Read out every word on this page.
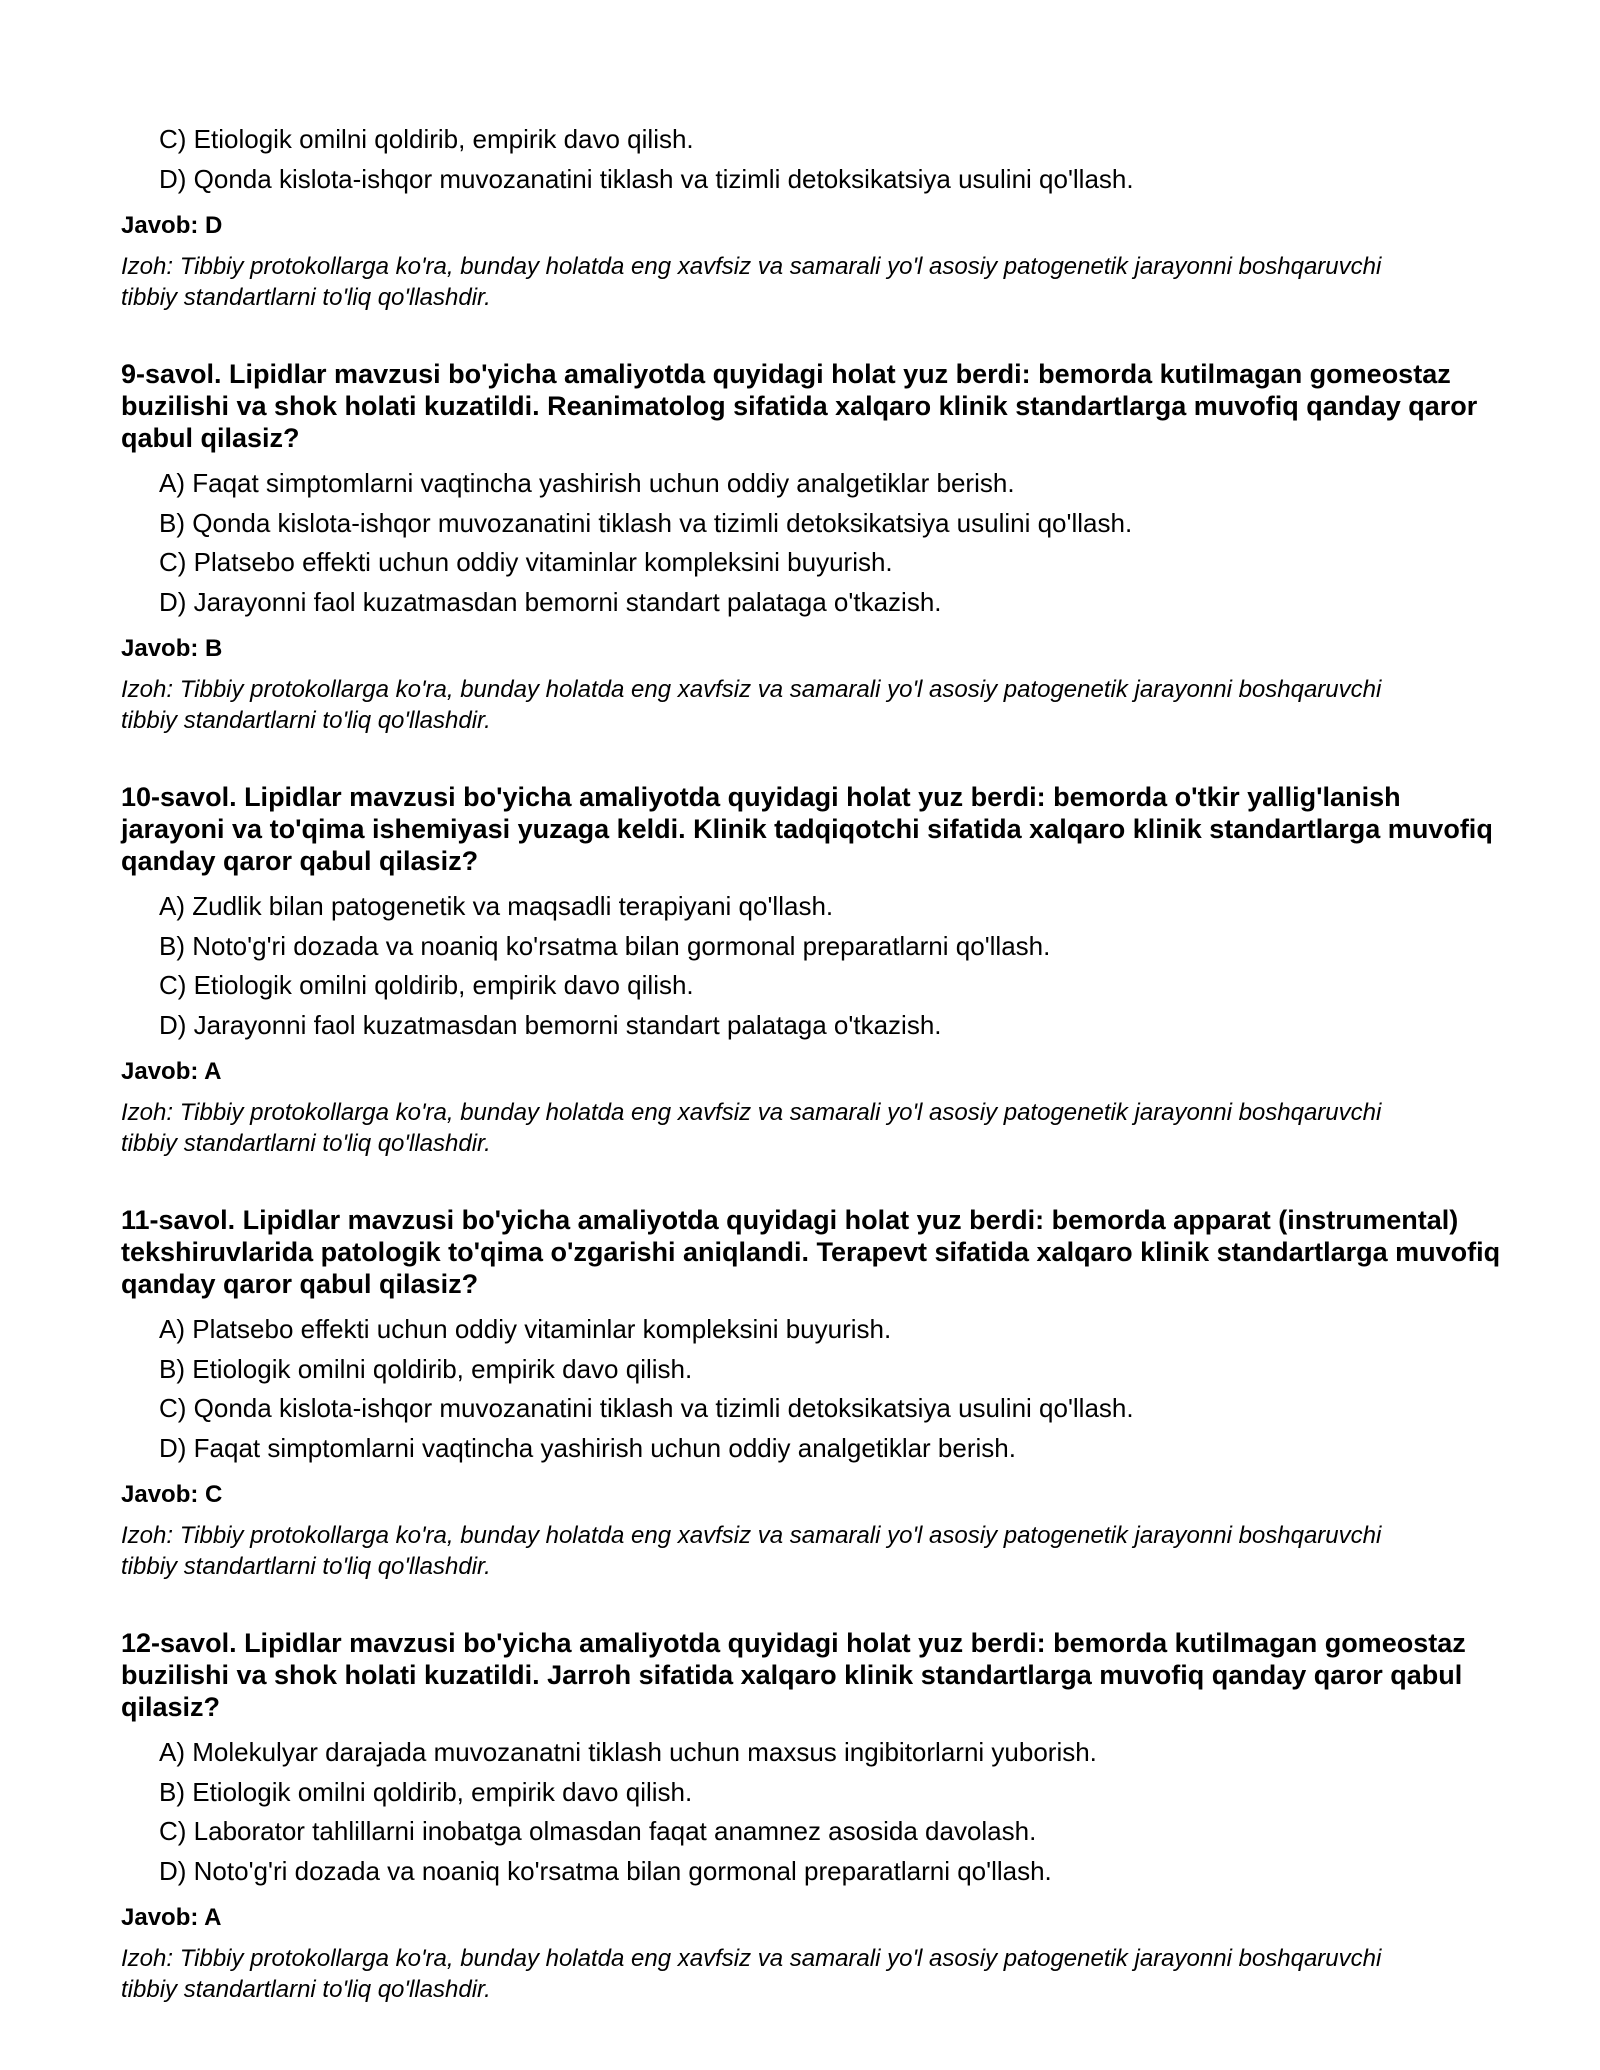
C) Etiologik omilni qoldirib, empirik davo qilish.
D) Qonda kislota-ishqor muvozanatini tiklash va tizimli detoksikatsiya usulini qo'llash.
Javob: D
Izoh: Tibbiy protokollarga ko'ra, bunday holatda eng xavfsiz va samarali yo'l asosiy patogenetik jarayonni boshqaruvchi tibbiy standartlarni to'liq qo'llashdir.
9-savol. Lipidlar mavzusi bo'yicha amaliyotda quyidagi holat yuz berdi: bemorda kutilmagan gomeostaz buzilishi va shok holati kuzatildi. Reanimatolog sifatida xalqaro klinik standartlarga muvofiq qanday qaror qabul qilasiz?
A) Faqat simptomlarni vaqtincha yashirish uchun oddiy analgetiklar berish.
B) Qonda kislota-ishqor muvozanatini tiklash va tizimli detoksikatsiya usulini qo'llash.
C) Platsebo effekti uchun oddiy vitaminlar kompleksini buyurish.
D) Jarayonni faol kuzatmasdan bemorni standart palataga o'tkazish.
Javob: B
Izoh: Tibbiy protokollarga ko'ra, bunday holatda eng xavfsiz va samarali yo'l asosiy patogenetik jarayonni boshqaruvchi tibbiy standartlarni to'liq qo'llashdir.
10-savol. Lipidlar mavzusi bo'yicha amaliyotda quyidagi holat yuz berdi: bemorda o'tkir yallig'lanish jarayoni va to'qima ishemiyasi yuzaga keldi. Klinik tadqiqotchi sifatida xalqaro klinik standartlarga muvofiq qanday qaror qabul qilasiz?
A) Zudlik bilan patogenetik va maqsadli terapiyani qo'llash.
B) Noto'g'ri dozada va noaniq ko'rsatma bilan gormonal preparatlarni qo'llash.
C) Etiologik omilni qoldirib, empirik davo qilish.
D) Jarayonni faol kuzatmasdan bemorni standart palataga o'tkazish.
Javob: A
Izoh: Tibbiy protokollarga ko'ra, bunday holatda eng xavfsiz va samarali yo'l asosiy patogenetik jarayonni boshqaruvchi tibbiy standartlarni to'liq qo'llashdir.
11-savol. Lipidlar mavzusi bo'yicha amaliyotda quyidagi holat yuz berdi: bemorda apparat (instrumental) tekshiruvlarida patologik to'qima o'zgarishi aniqlandi. Terapevt sifatida xalqaro klinik standartlarga muvofiq qanday qaror qabul qilasiz?
A) Platsebo effekti uchun oddiy vitaminlar kompleksini buyurish.
B) Etiologik omilni qoldirib, empirik davo qilish.
C) Qonda kislota-ishqor muvozanatini tiklash va tizimli detoksikatsiya usulini qo'llash.
D) Faqat simptomlarni vaqtincha yashirish uchun oddiy analgetiklar berish.
Javob: C
Izoh: Tibbiy protokollarga ko'ra, bunday holatda eng xavfsiz va samarali yo'l asosiy patogenetik jarayonni boshqaruvchi tibbiy standartlarni to'liq qo'llashdir.
12-savol. Lipidlar mavzusi bo'yicha amaliyotda quyidagi holat yuz berdi: bemorda kutilmagan gomeostaz buzilishi va shok holati kuzatildi. Jarroh sifatida xalqaro klinik standartlarga muvofiq qanday qaror qabul qilasiz?
A) Molekulyar darajada muvozanatni tiklash uchun maxsus ingibitorlarni yuborish.
B) Etiologik omilni qoldirib, empirik davo qilish.
C) Laborator tahlillarni inobatga olmasdan faqat anamnez asosida davolash.
D) Noto'g'ri dozada va noaniq ko'rsatma bilan gormonal preparatlarni qo'llash.
Javob: A
Izoh: Tibbiy protokollarga ko'ra, bunday holatda eng xavfsiz va samarali yo'l asosiy patogenetik jarayonni boshqaruvchi tibbiy standartlarni to'liq qo'llashdir.
